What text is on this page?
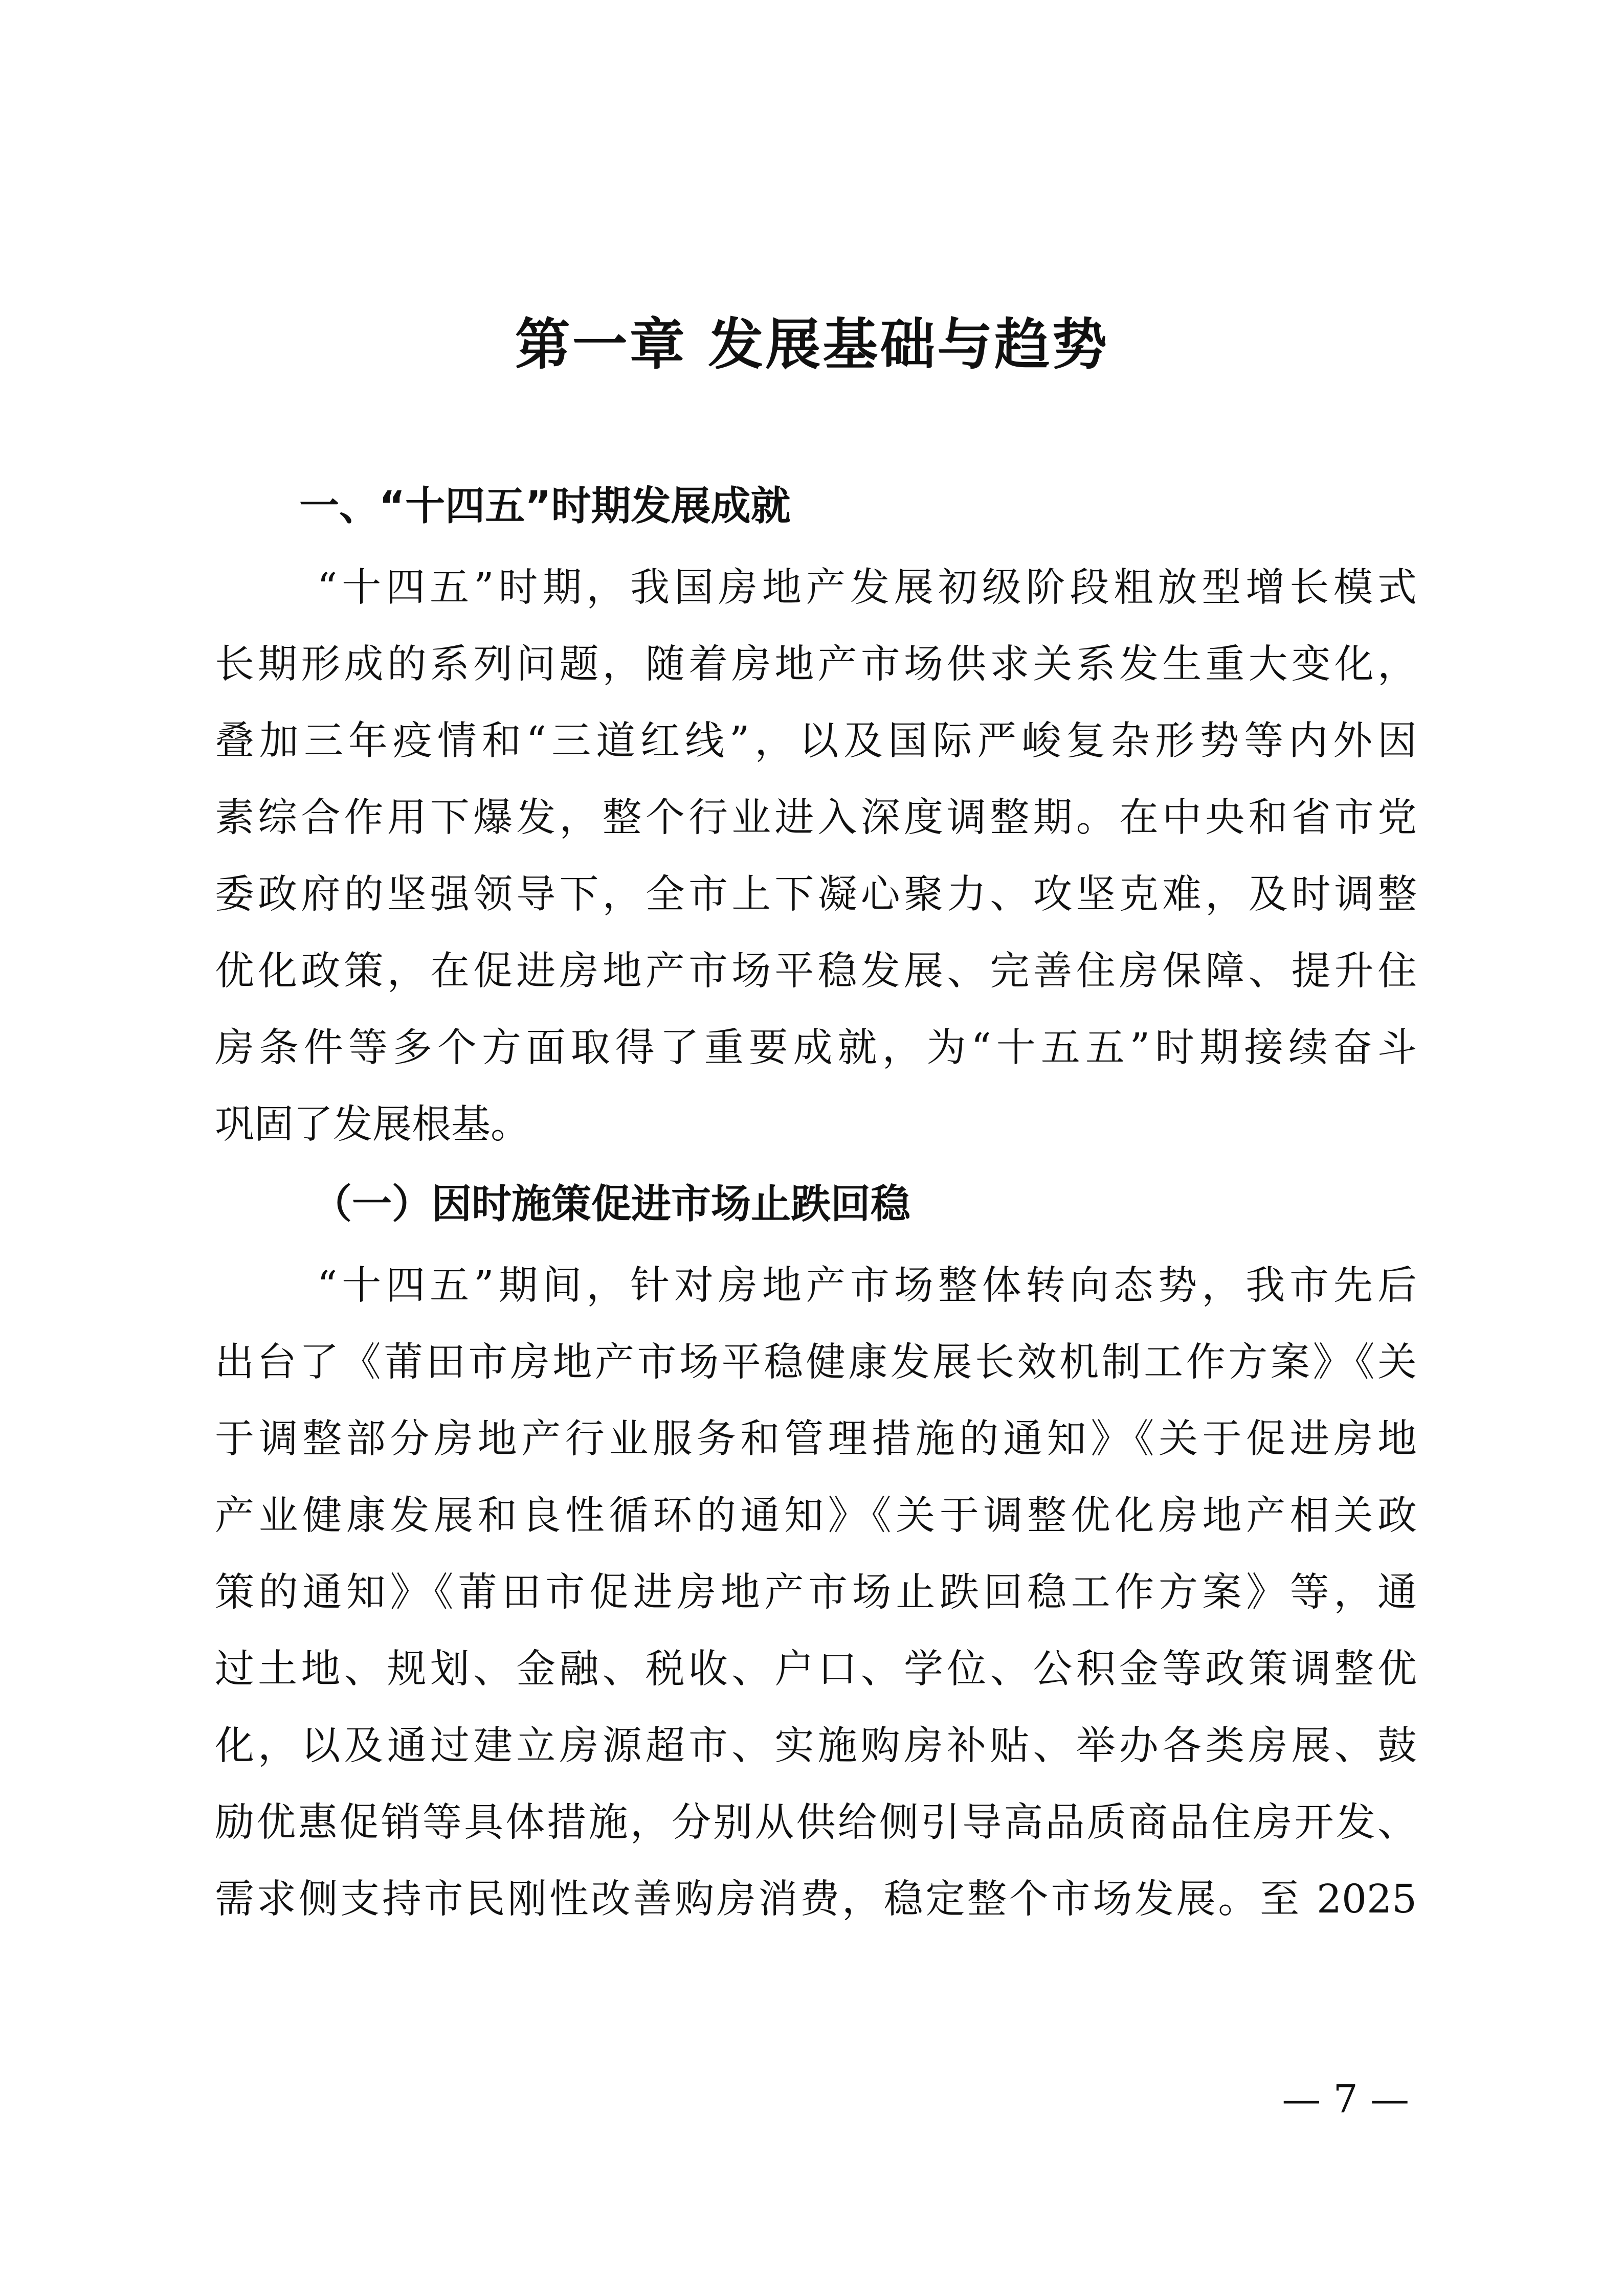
第一章 发展基础与趋势
一、“十四五”时期发展成就
“十四五”时期，我国房地产发展初级阶段粗放型增长模式
长期形成的系列问题，随着房地产市场供求关系发生重大变化，
叠加三年疫情和“三道红线”，以及国际严峻复杂形势等内外因
素综合作用下爆发，整个行业进入深度调整期。在中央和省市党
委政府的坚强领导下，全市上下凝心聚力、攻坚克难，及时调整
优化政策，在促进房地产市场平稳发展、完善住房保障、提升住
房条件等多个方面取得了重要成就，为“十五五”时期接续奋斗
巩固了发展根基。
（一）因时施策促进市场止跌回稳
“十四五”期间，针对房地产市场整体转向态势，我市先后
出台了《莆田市房地产市场平稳健康发展长效机制工作方案》《关
于调整部分房地产行业服务和管理措施的通知》《关于促进房地
产业健康发展和良性循环的通知》《关于调整优化房地产相关政
策的通知》《莆田市促进房地产市场止跌回稳工作方案》等，通
过土地、规划、金融、税收、户口、学位、公积金等政策调整优
化，以及通过建立房源超市、实施购房补贴、举办各类房展、鼓
励优惠促销等具体措施，分别从供给侧引导高品质商品住房开发、
需求侧支持市民刚性改善购房消费，稳定整个市场发展。至 2025
— 7 —
